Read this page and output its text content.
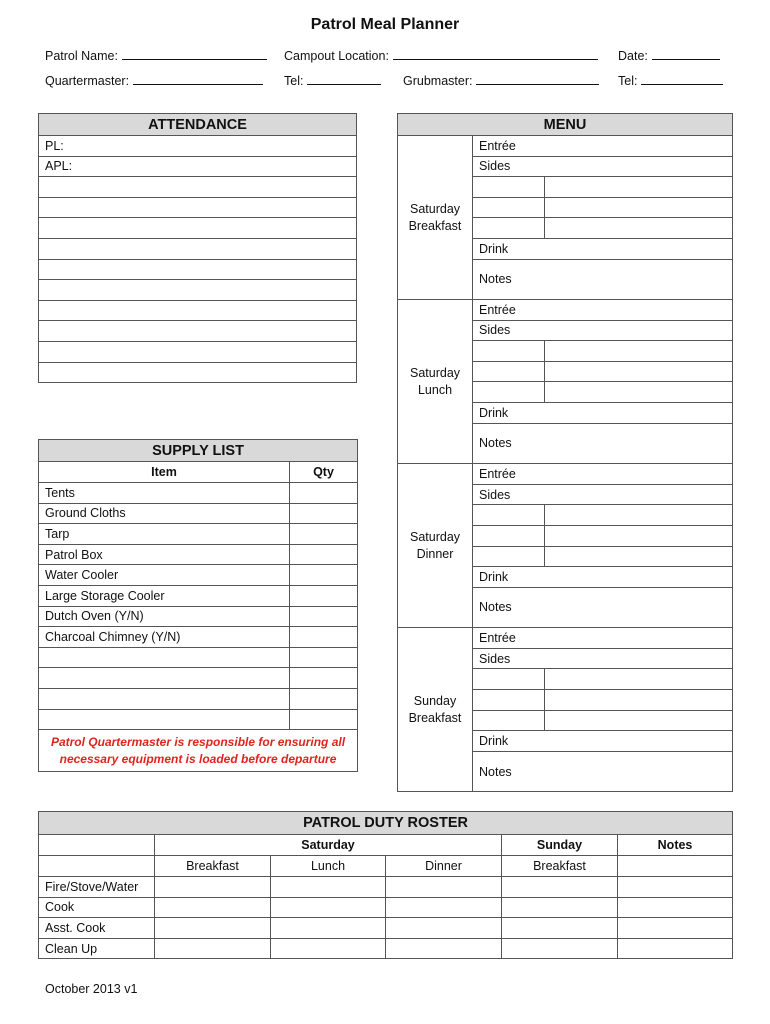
Patrol Meal Planner
Patrol Name:	Campout Location:	Date:
Quartermaster:	Tel:	Grubmaster:	Tel:
ATTENDANCE
PL:
APL:

SUPPLY LIST	
Item	Qty
Tents	
Ground Cloths	
Tarp	
Patrol Box	
Water Cooler	
Large Storage Cooler	
Dutch Oven (Y/N)	
Charcoal Chimney (Y/N)	

Patrol Quartermaster is responsible for ensuring all necessary equipment is loaded before departure	
MENU		
Saturday Breakfast	Entrée	
	Sides	

	Drink	
	Notes	
Saturday Lunch	Entrée	
	Sides	

	Drink	
	Notes	
Saturday Dinner	Entrée	
	Sides	

	Drink	
	Notes	
Sunday Breakfast	Entrée	
	Sides	

	Drink	
	Notes	
PATROL DUTY ROSTER					
	Saturday			Sunday	Notes
	Breakfast	Lunch	Dinner	Breakfast	
Fire/Stove/Water					
Cook					
Asst. Cook					
Clean Up					
October 2013 v1
